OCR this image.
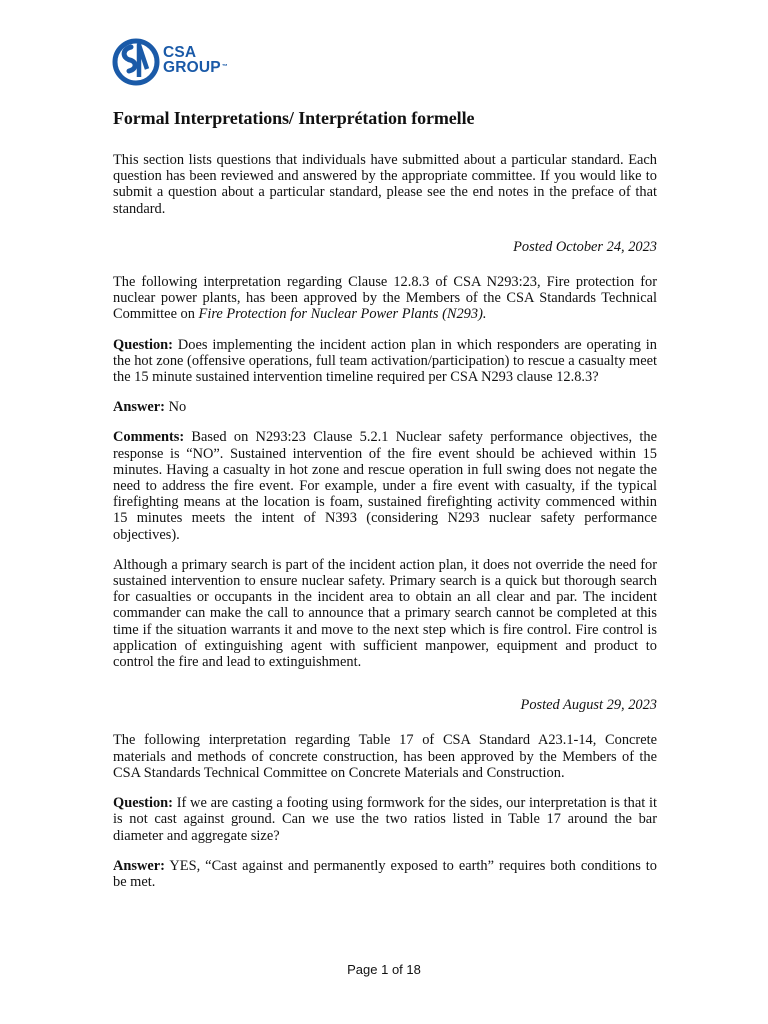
CSA
GROUP™
Formal Interpretations/ Interprétation formelle

This section lists questions that individuals have submitted about a particular standard. Each question has been reviewed and answered by the appropriate committee. If you would like to submit a question about a particular standard, please see the end notes in the preface of that standard.

Posted October 24, 2023

The following interpretation regarding Clause 12.8.3 of CSA N293:23, Fire protection for nuclear power plants, has been approved by the Members of the CSA Standards Technical Committee on Fire Protection for Nuclear Power Plants (N293).

Question: Does implementing the incident action plan in which responders are operating in the hot zone (offensive operations, full team activation/participation) to rescue a casualty meet the 15 minute sustained intervention timeline required per CSA N293 clause 12.8.3?

Answer: No

Comments: Based on N293:23 Clause 5.2.1 Nuclear safety performance objectives, the response is “NO”. Sustained intervention of the fire event should be achieved within 15 minutes. Having a casualty in hot zone and rescue operation in full swing does not negate the need to address the fire event. For example, under a fire event with casualty, if the typical firefighting means at the location is foam, sustained firefighting activity commenced within 15 minutes meets the intent of N393 (considering N293 nuclear safety performance objectives).

Although a primary search is part of the incident action plan, it does not override the need for sustained intervention to ensure nuclear safety. Primary search is a quick but thorough search for casualties or occupants in the incident area to obtain an all clear and par. The incident commander can make the call to announce that a primary search cannot be completed at this time if the situation warrants it and move to the next step which is fire control. Fire control is application of extinguishing agent with sufficient manpower, equipment and product to control the fire and lead to extinguishment.

Posted August 29, 2023

The following interpretation regarding Table 17 of CSA Standard A23.1-14, Concrete materials and methods of concrete construction, has been approved by the Members of the CSA Standards Technical Committee on Concrete Materials and Construction.

Question: If we are casting a footing using formwork for the sides, our interpretation is that it is not cast against ground. Can we use the two ratios listed in Table 17 around the bar diameter and aggregate size?

Answer: YES, “Cast against and permanently exposed to earth” requires both conditions to be met.

Page 1 of 18
